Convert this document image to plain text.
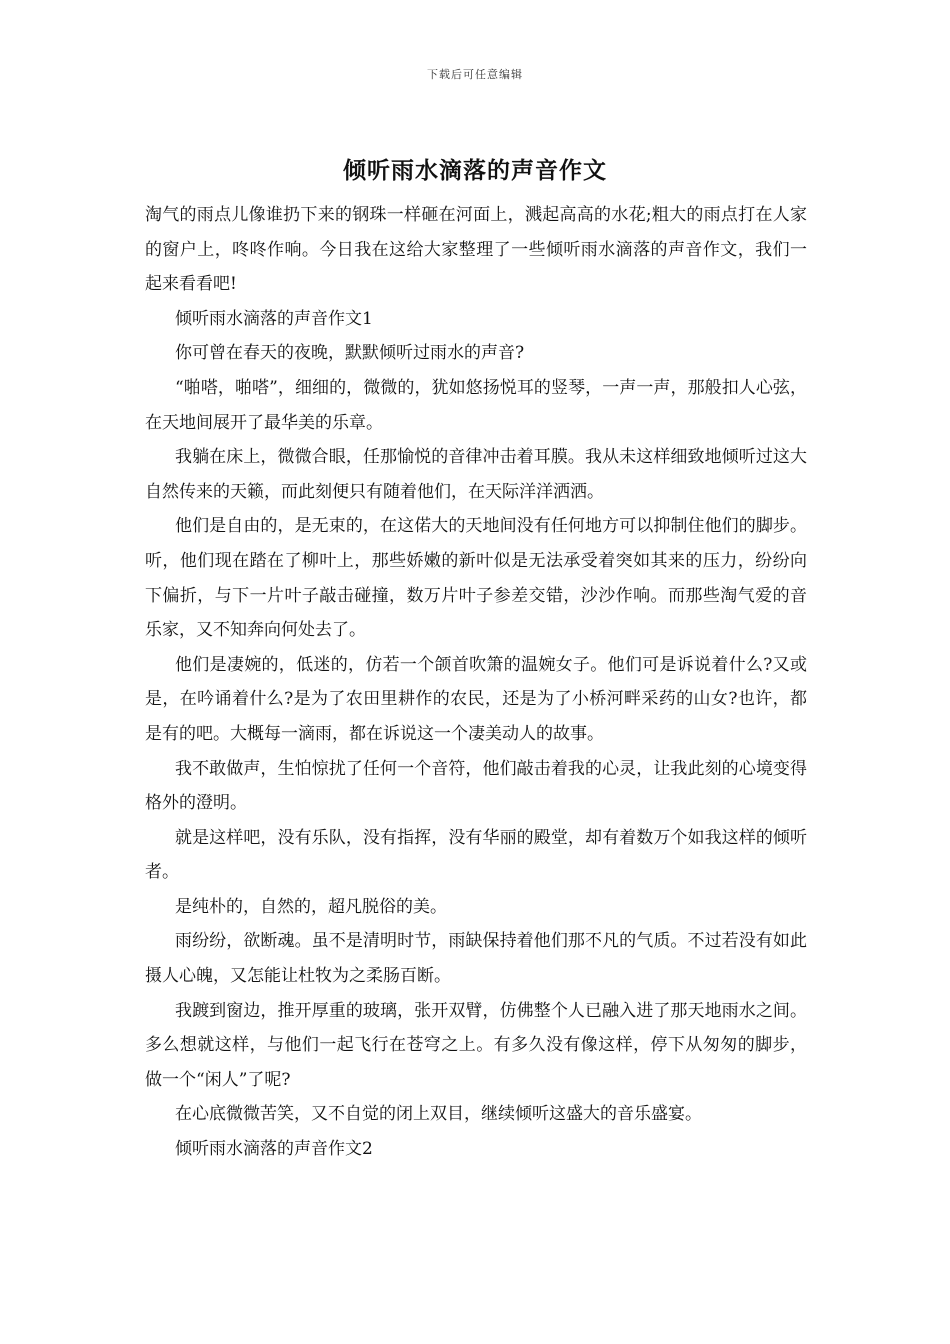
下载后可任意编辑
倾听雨水滴落的声音作文

淘气的雨点儿像谁扔下来的钢珠一样砸在河面上，溅起高高的水花;粗大的雨点打在人家的窗户上，咚咚作响。今日我在这给大家整理了一些倾听雨水滴落的声音作文，我们一起来看看吧!

倾听雨水滴落的声音作文1

你可曾在春天的夜晚，默默倾听过雨水的声音?

“啪嗒，啪嗒”，细细的，微微的，犹如悠扬悦耳的竖琴，一声一声，那般扣人心弦，在天地间展开了最华美的乐章。

我躺在床上，微微合眼，任那愉悦的音律冲击着耳膜。我从未这样细致地倾听过这大自然传来的天籁，而此刻便只有随着他们，在天际洋洋洒洒。

他们是自由的，是无束的，在这偌大的天地间没有任何地方可以抑制住他们的脚步。听，他们现在踏在了柳叶上，那些娇嫩的新叶似是无法承受着突如其来的压力，纷纷向下偏折，与下一片叶子敲击碰撞，数万片叶子参差交错，沙沙作响。而那些淘气爱的音乐家，又不知奔向何处去了。

他们是凄婉的，低迷的，仿若一个颌首吹箫的温婉女子。他们可是诉说着什么?又或是，在吟诵着什么?是为了农田里耕作的农民，还是为了小桥河畔采药的山女?也许，都是有的吧。大概每一滴雨，都在诉说这一个凄美动人的故事。

我不敢做声，生怕惊扰了任何一个音符，他们敲击着我的心灵，让我此刻的心境变得格外的澄明。

就是这样吧，没有乐队，没有指挥，没有华丽的殿堂，却有着数万个如我这样的倾听者。

是纯朴的，自然的，超凡脱俗的美。

雨纷纷，欲断魂。虽不是清明时节，雨缺保持着他们那不凡的气质。不过若没有如此摄人心魄，又怎能让杜牧为之柔肠百断。

我踱到窗边，推开厚重的玻璃，张开双臂，仿佛整个人已融入进了那天地雨水之间。多么想就这样，与他们一起飞行在苍穹之上。有多久没有像这样，停下从匆匆的脚步，做一个“闲人”了呢?

在心底微微苦笑，又不自觉的闭上双目，继续倾听这盛大的音乐盛宴。

倾听雨水滴落的声音作文2
